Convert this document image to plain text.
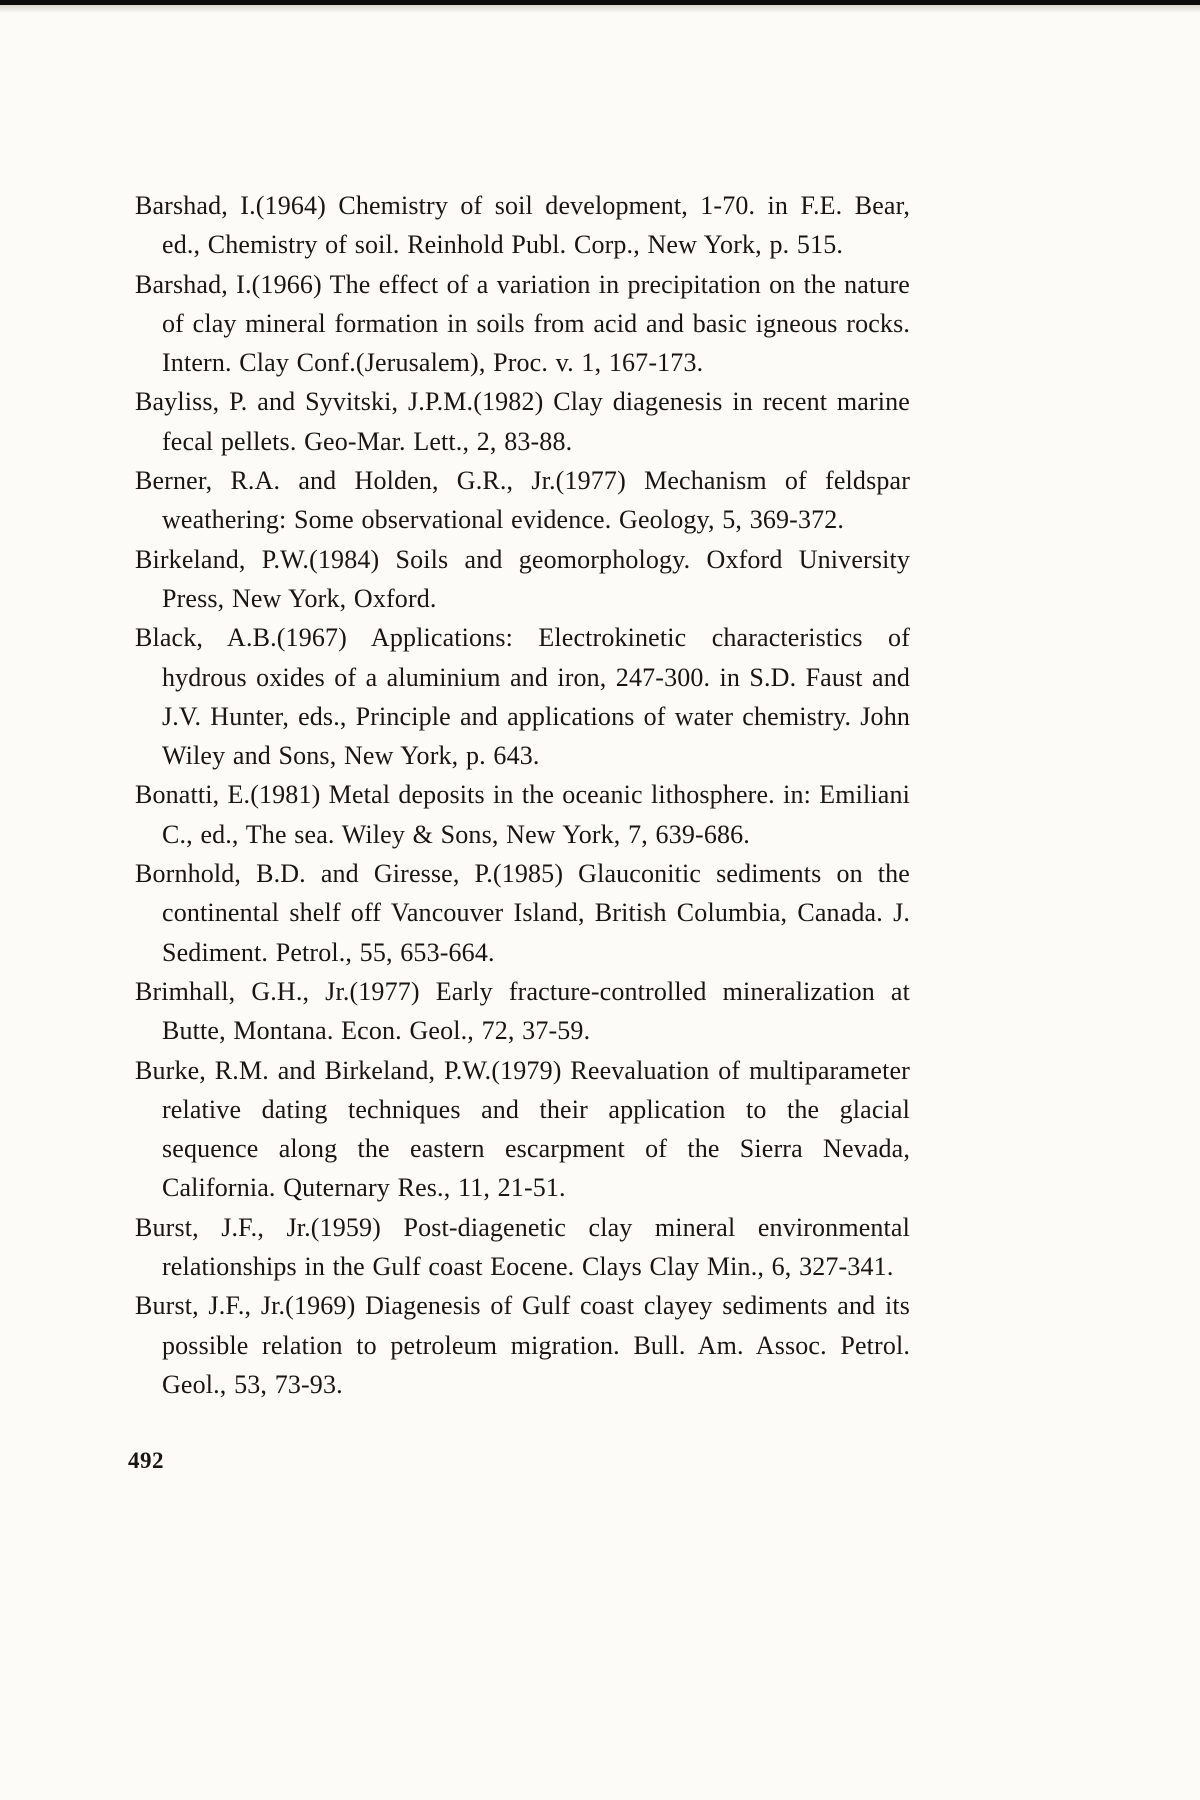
Barshad, I.(1964) Chemistry of soil development, 1-70. in F.E. Bear, ed., Chemistry of soil. Reinhold Publ. Corp., New York, p. 515.

Barshad, I.(1966) The effect of a variation in precipitation on the nature of clay mineral formation in soils from acid and basic igneous rocks. Intern. Clay Conf.(Jerusalem), Proc. v. 1, 167-173.

Bayliss, P. and Syvitski, J.P.M.(1982) Clay diagenesis in recent marine fecal pellets. Geo-Mar. Lett., 2, 83-88.

Berner, R.A. and Holden, G.R., Jr.(1977) Mechanism of feldspar weathering: Some observational evidence. Geology, 5, 369-372.

Birkeland, P.W.(1984) Soils and geomorphology. Oxford University Press, New York, Oxford.

Black, A.B.(1967) Applications: Electrokinetic characteristics of hydrous oxides of a aluminium and iron, 247-300. in S.D. Faust and J.V. Hunter, eds., Principle and applications of water chemistry. John Wiley and Sons, New York, p. 643.

Bonatti, E.(1981) Metal deposits in the oceanic lithosphere. in: Emiliani C., ed., The sea. Wiley & Sons, New York, 7, 639-686.

Bornhold, B.D. and Giresse, P.(1985) Glauconitic sediments on the continental shelf off Vancouver Island, British Columbia, Canada. J. Sediment. Petrol., 55, 653-664.

Brimhall, G.H., Jr.(1977) Early fracture-controlled mineralization at Butte, Montana. Econ. Geol., 72, 37-59.

Burke, R.M. and Birkeland, P.W.(1979) Reevaluation of multiparameter relative dating techniques and their application to the glacial sequence along the eastern escarpment of the Sierra Nevada, California. Quternary Res., 11, 21-51.

Burst, J.F., Jr.(1959) Post-diagenetic clay mineral environmental relationships in the Gulf coast Eocene. Clays Clay Min., 6, 327-341.

Burst, J.F., Jr.(1969) Diagenesis of Gulf coast clayey sediments and its possible relation to petroleum migration. Bull. Am. Assoc. Petrol. Geol., 53, 73-93.

492
